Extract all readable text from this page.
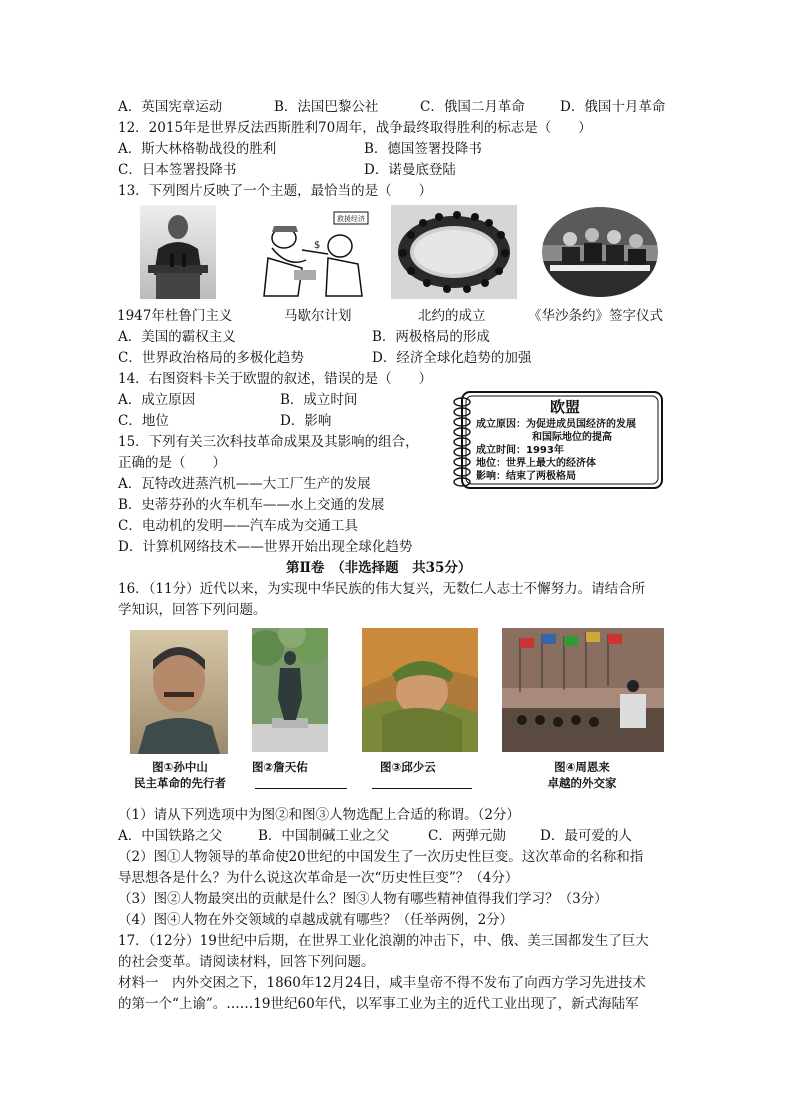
A．英国宪章运动	B．法国巴黎公社	C．俄国二月革命	D．俄国十月革命
12．2015年是世界反法西斯胜利70周年，战争最终取得胜利的标志是（　　）
A．斯大林格勒战役的胜利	B．德国签署投降书
C．日本签署投降书	D．诺曼底登陆
13．下列图片反映了一个主题，最恰当的是（　　）
救援经济
$
1947年杜鲁门主义	马歇尔计划	北约的成立	《华沙条约》签字仪式
A．美国的霸权主义	B．两极格局的形成
C．世界政治格局的多极化趋势	D．经济全球化趋势的加强
14．右图资料卡关于欧盟的叙述，错误的是（　　）
A．成立原因	B．成立时间
C．地位	D．影响
欧盟
成立原因：为促进成员国经济的发展
和国际地位的提高
成立时间：1993年
地位：世界上最大的经济体
影响：结束了两极格局
15．下列有关三次科技革命成果及其影响的组合，
正确的是（　　）
A．瓦特改进蒸汽机——大工厂生产的发展
B．史蒂芬孙的火车机车——水上交通的发展
C．电动机的发明——汽车成为交通工具
D．计算机网络技术——世界开始出现全球化趋势
第Ⅱ卷　（非选择题　共35分）
16．（11分）近代以来，为实现中华民族的伟大复兴，无数仁人志士不懈努力。请结合所
学知识，回答下列问题。
图①孙中山
民主革命的先行者
图②詹天佑	图③邱少云	图④周恩来
卓越的外交家
（1）请从下列选项中为图②和图③人物选配上合适的称谓。（2分）
A．中国铁路之父	B．中国制碱工业之父	C．两弹元勋	D．最可爱的人
（2）图①人物领导的革命使20世纪的中国发生了一次历史性巨变。这次革命的名称和指
导思想各是什么？为什么说这次革命是一次“历史性巨变”？（4分）
（3）图②人物最突出的贡献是什么？图③人物有哪些精神值得我们学习？（3分）
（4）图④人物在外交领域的卓越成就有哪些？（任举两例，2分）
17．（12分）19世纪中后期，在世界工业化浪潮的冲击下，中、俄、美三国都发生了巨大
的社会变革。请阅读材料，回答下列问题。
材料一　内外交困之下，1860年12月24日，咸丰皇帝不得不发布了向西方学习先进技术
的第一个“上谕”。……19世纪60年代，以军事工业为主的近代工业出现了，新式海陆军
